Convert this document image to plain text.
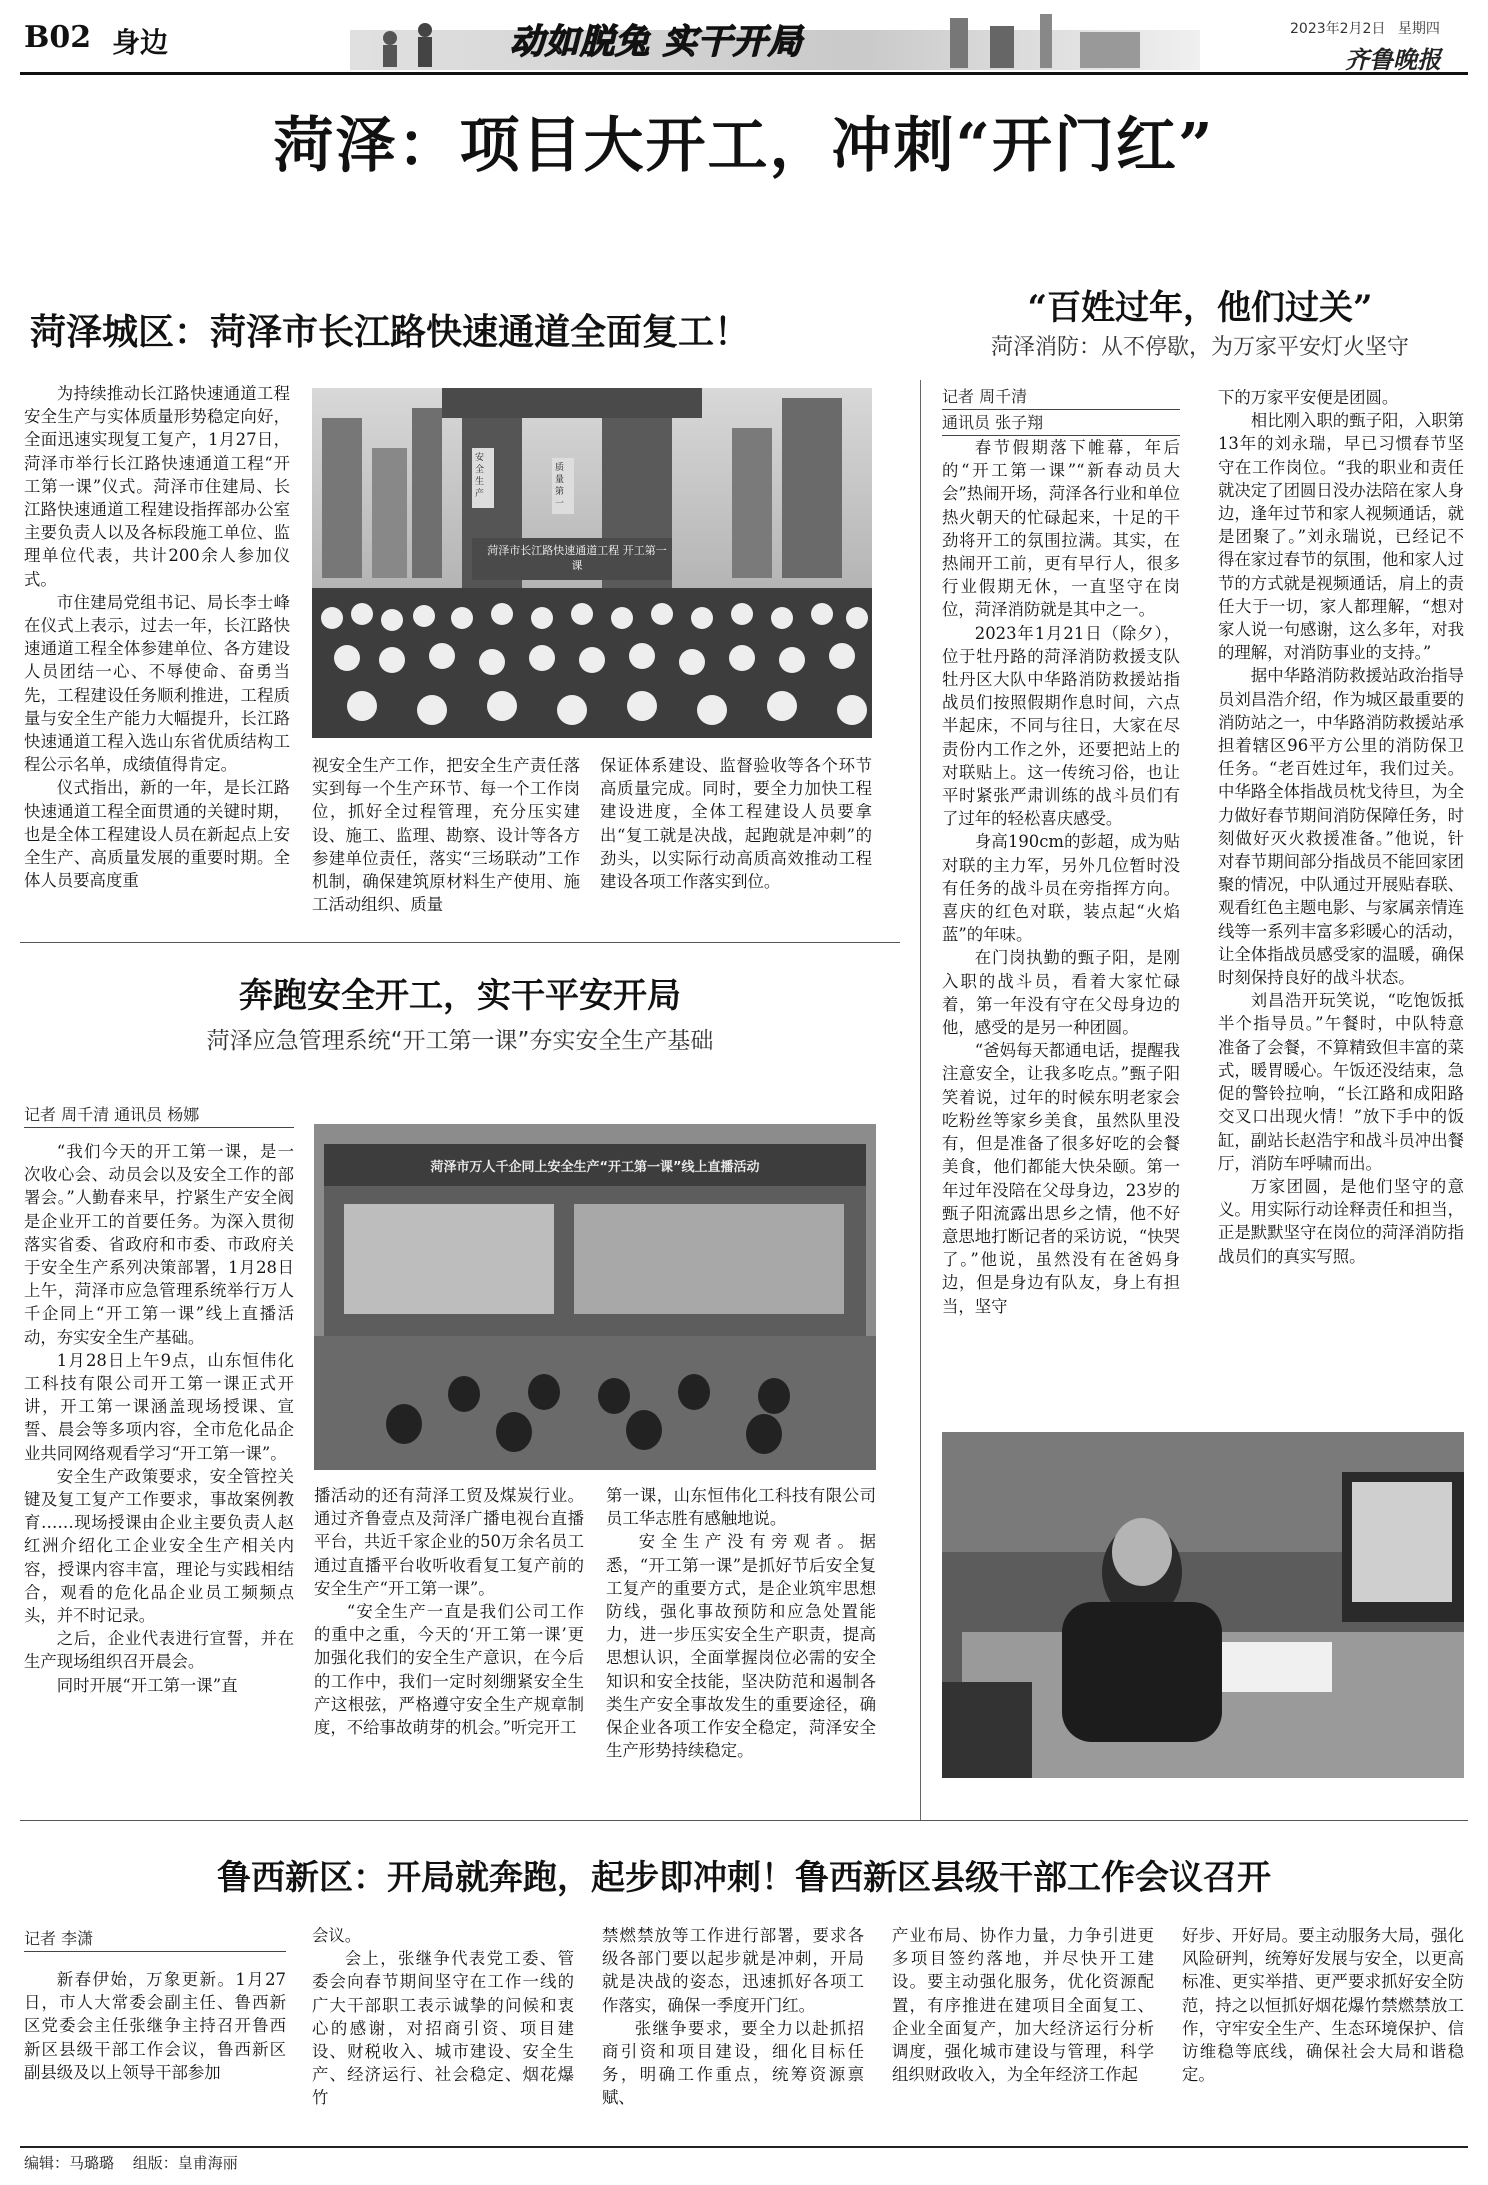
B02 身边	动如脱兔 实干开局	2023年2月2日 星期四
齐鲁晚报
菏泽：项目大开工，冲刺“开门红”
菏泽城区：菏泽市长江路快速通道全面复工！

为持续推动长江路快速通道工程安全生产与实体质量形势稳定向好，全面迅速实现复工复产，1月27日，菏泽市举行长江路快速通道工程“开工第一课”仪式。菏泽市住建局、长江路快速通道工程建设指挥部办公室主要负责人以及各标段施工单位、监理单位代表，共计200余人参加仪式。

市住建局党组书记、局长李士峰在仪式上表示，过去一年，长江路快速通道工程全体参建单位、各方建设人员团结一心、不辱使命、奋勇当先，工程建设任务顺利推进，工程质量与安全生产能力大幅提升，长江路快速通道工程入选山东省优质结构工程公示名单，成绩值得肯定。

仪式指出，新的一年，是长江路快速通道工程全面贯通的关键时期，也是全体工程建设人员在新起点上安全生产、高质量发展的重要时期。全体人员要高度重

菏泽市长江路快速通道工程 开工第一课
安全生产
质量第一

视安全生产工作，把安全生产责任落实到每一个生产环节、每一个工作岗位，抓好全过程管理，充分压实建设、施工、监理、勘察、设计等各方参建单位责任，落实“三场联动”工作机制，确保建筑原材料生产使用、施工活动组织、质量

保证体系建设、监督验收等各个环节高质量完成。同时，要全力加快工程建设进度，全体工程建设人员要拿出“复工就是决战，起跑就是冲刺”的劲头，以实际行动高质高效推动工程建设各项工作落实到位。

“百姓过年，他们过关”
菏泽消防：从不停歇，为万家平安灯火坚守
记者 周千清
通讯员 张子翔

春节假期落下帷幕，年后的“开工第一课”“新春动员大会”热闹开场，菏泽各行业和单位热火朝天的忙碌起来，十足的干劲将开工的氛围拉满。其实，在热闹开工前，更有早行人，很多行业假期无休，一直坚守在岗位，菏泽消防就是其中之一。

2023年1月21日（除夕），位于牡丹路的菏泽消防救援支队牡丹区大队中华路消防救援站指战员们按照假期作息时间，六点半起床，不同与往日，大家在尽责份内工作之外，还要把站上的对联贴上。这一传统习俗，也让平时紧张严肃训练的战斗员们有了过年的轻松喜庆感受。

身高190cm的彭超，成为贴对联的主力军，另外几位暂时没有任务的战斗员在旁指挥方向。喜庆的红色对联，装点起“火焰蓝”的年味。

在门岗执勤的甄子阳，是刚入职的战斗员，看着大家忙碌着，第一年没有守在父母身边的他，感受的是另一种团圆。

“爸妈每天都通电话，提醒我注意安全，让我多吃点。”甄子阳笑着说，过年的时候东明老家会吃粉丝等家乡美食，虽然队里没有，但是准备了很多好吃的会餐美食，他们都能大快朵颐。第一年过年没陪在父母身边，23岁的甄子阳流露出思乡之情，他不好意思地打断记者的采访说，“快哭了。”他说，虽然没有在爸妈身边，但是身边有队友，身上有担当，坚守

下的万家平安便是团圆。

相比刚入职的甄子阳，入职第13年的刘永瑞，早已习惯春节坚守在工作岗位。“我的职业和责任就决定了团圆日没办法陪在家人身边，逢年过节和家人视频通话，就是团聚了。”刘永瑞说，已经记不得在家过春节的氛围，他和家人过节的方式就是视频通话，肩上的责任大于一切，家人都理解，“想对家人说一句感谢，这么多年，对我的理解，对消防事业的支持。”

据中华路消防救援站政治指导员刘昌浩介绍，作为城区最重要的消防站之一，中华路消防救援站承担着辖区96平方公里的消防保卫任务。“老百姓过年，我们过关。中华路全体指战员枕戈待旦，为全力做好春节期间消防保障任务，时刻做好灭火救援准备。”他说，针对春节期间部分指战员不能回家团聚的情况，中队通过开展贴春联、观看红色主题电影、与家属亲情连线等一系列丰富多彩暖心的活动，让全体指战员感受家的温暖，确保时刻保持良好的战斗状态。

刘昌浩开玩笑说，“吃饱饭抵半个指导员。”午餐时，中队特意准备了会餐，不算精致但丰富的菜式，暖胃暖心。午饭还没结束，急促的警铃拉响，“长江路和成阳路交叉口出现火情！”放下手中的饭缸，副站长赵浩宇和战斗员冲出餐厅，消防车呼啸而出。

万家团圆，是他们坚守的意义。用实际行动诠释责任和担当，正是默默坚守在岗位的菏泽消防指战员们的真实写照。

奔跑安全开工，实干平安开局
菏泽应急管理系统“开工第一课”夯实安全生产基础
记者 周千清 通讯员 杨娜

“我们今天的开工第一课，是一次收心会、动员会以及安全工作的部署会。”人勤春来早，拧紧生产安全阀是企业开工的首要任务。为深入贯彻落实省委、省政府和市委、市政府关于安全生产系列决策部署，1月28日上午，菏泽市应急管理系统举行万人千企同上“开工第一课”线上直播活动，夯实安全生产基础。

1月28日上午9点，山东恒伟化工科技有限公司开工第一课正式开讲，开工第一课涵盖现场授课、宣誓、晨会等多项内容，全市危化品企业共同网络观看学习“开工第一课”。

安全生产政策要求，安全管控关键及复工复产工作要求，事故案例教育……现场授课由企业主要负责人赵红洲介绍化工企业安全生产相关内容，授课内容丰富，理论与实践相结合，观看的危化品企业员工频频点头，并不时记录。

之后，企业代表进行宣誓，并在生产现场组织召开晨会。

同时开展“开工第一课”直

菏泽市万人千企同上安全生产“开工第一课”线上直播活动

播活动的还有菏泽工贸及煤炭行业。通过齐鲁壹点及菏泽广播电视台直播平台，共近千家企业的50万余名员工通过直播平台收听收看复工复产前的安全生产“开工第一课”。

“安全生产一直是我们公司工作的重中之重，今天的‘开工第一课’更加强化我们的安全生产意识，在今后的工作中，我们一定时刻绷紧安全生产这根弦，严格遵守安全生产规章制度，不给事故萌芽的机会。”听完开工

第一课，山东恒伟化工科技有限公司员工华志胜有感触地说。

安全生产没有旁观者。据悉，“开工第一课”是抓好节后安全复工复产的重要方式，是企业筑牢思想防线，强化事故预防和应急处置能力，进一步压实安全生产职责，提高思想认识，全面掌握岗位必需的安全知识和安全技能，坚决防范和遏制各类生产安全事故发生的重要途径，确保企业各项工作安全稳定，菏泽安全生产形势持续稳定。

鲁西新区：开局就奔跑，起步即冲刺！鲁西新区县级干部工作会议召开
记者 李潇

新春伊始，万象更新。1月27日，市人大常委会副主任、鲁西新区党委会主任张继争主持召开鲁西新区县级干部工作会议，鲁西新区副县级及以上领导干部参加

会议。

会上，张继争代表党工委、管委会向春节期间坚守在工作一线的广大干部职工表示诚挚的问候和衷心的感谢，对招商引资、项目建设、财税收入、城市建设、安全生产、经济运行、社会稳定、烟花爆竹

禁燃禁放等工作进行部署，要求各级各部门要以起步就是冲刺，开局就是决战的姿态，迅速抓好各项工作落实，确保一季度开门红。

张继争要求，要全力以赴抓招商引资和项目建设，细化目标任务，明确工作重点，统筹资源禀赋、

产业布局、协作力量，力争引进更多项目签约落地，并尽快开工建设。要主动强化服务，优化资源配置，有序推进在建项目全面复工、企业全面复产，加大经济运行分析调度，强化城市建设与管理，科学组织财政收入，为全年经济工作起

好步、开好局。要主动服务大局，强化风险研判，统筹好发展与安全，以更高标准、更实举措、更严要求抓好安全防范，持之以恒抓好烟花爆竹禁燃禁放工作，守牢安全生产、生态环境保护、信访维稳等底线，确保社会大局和谐稳定。

编辑：马璐璐 组版：皇甫海丽
